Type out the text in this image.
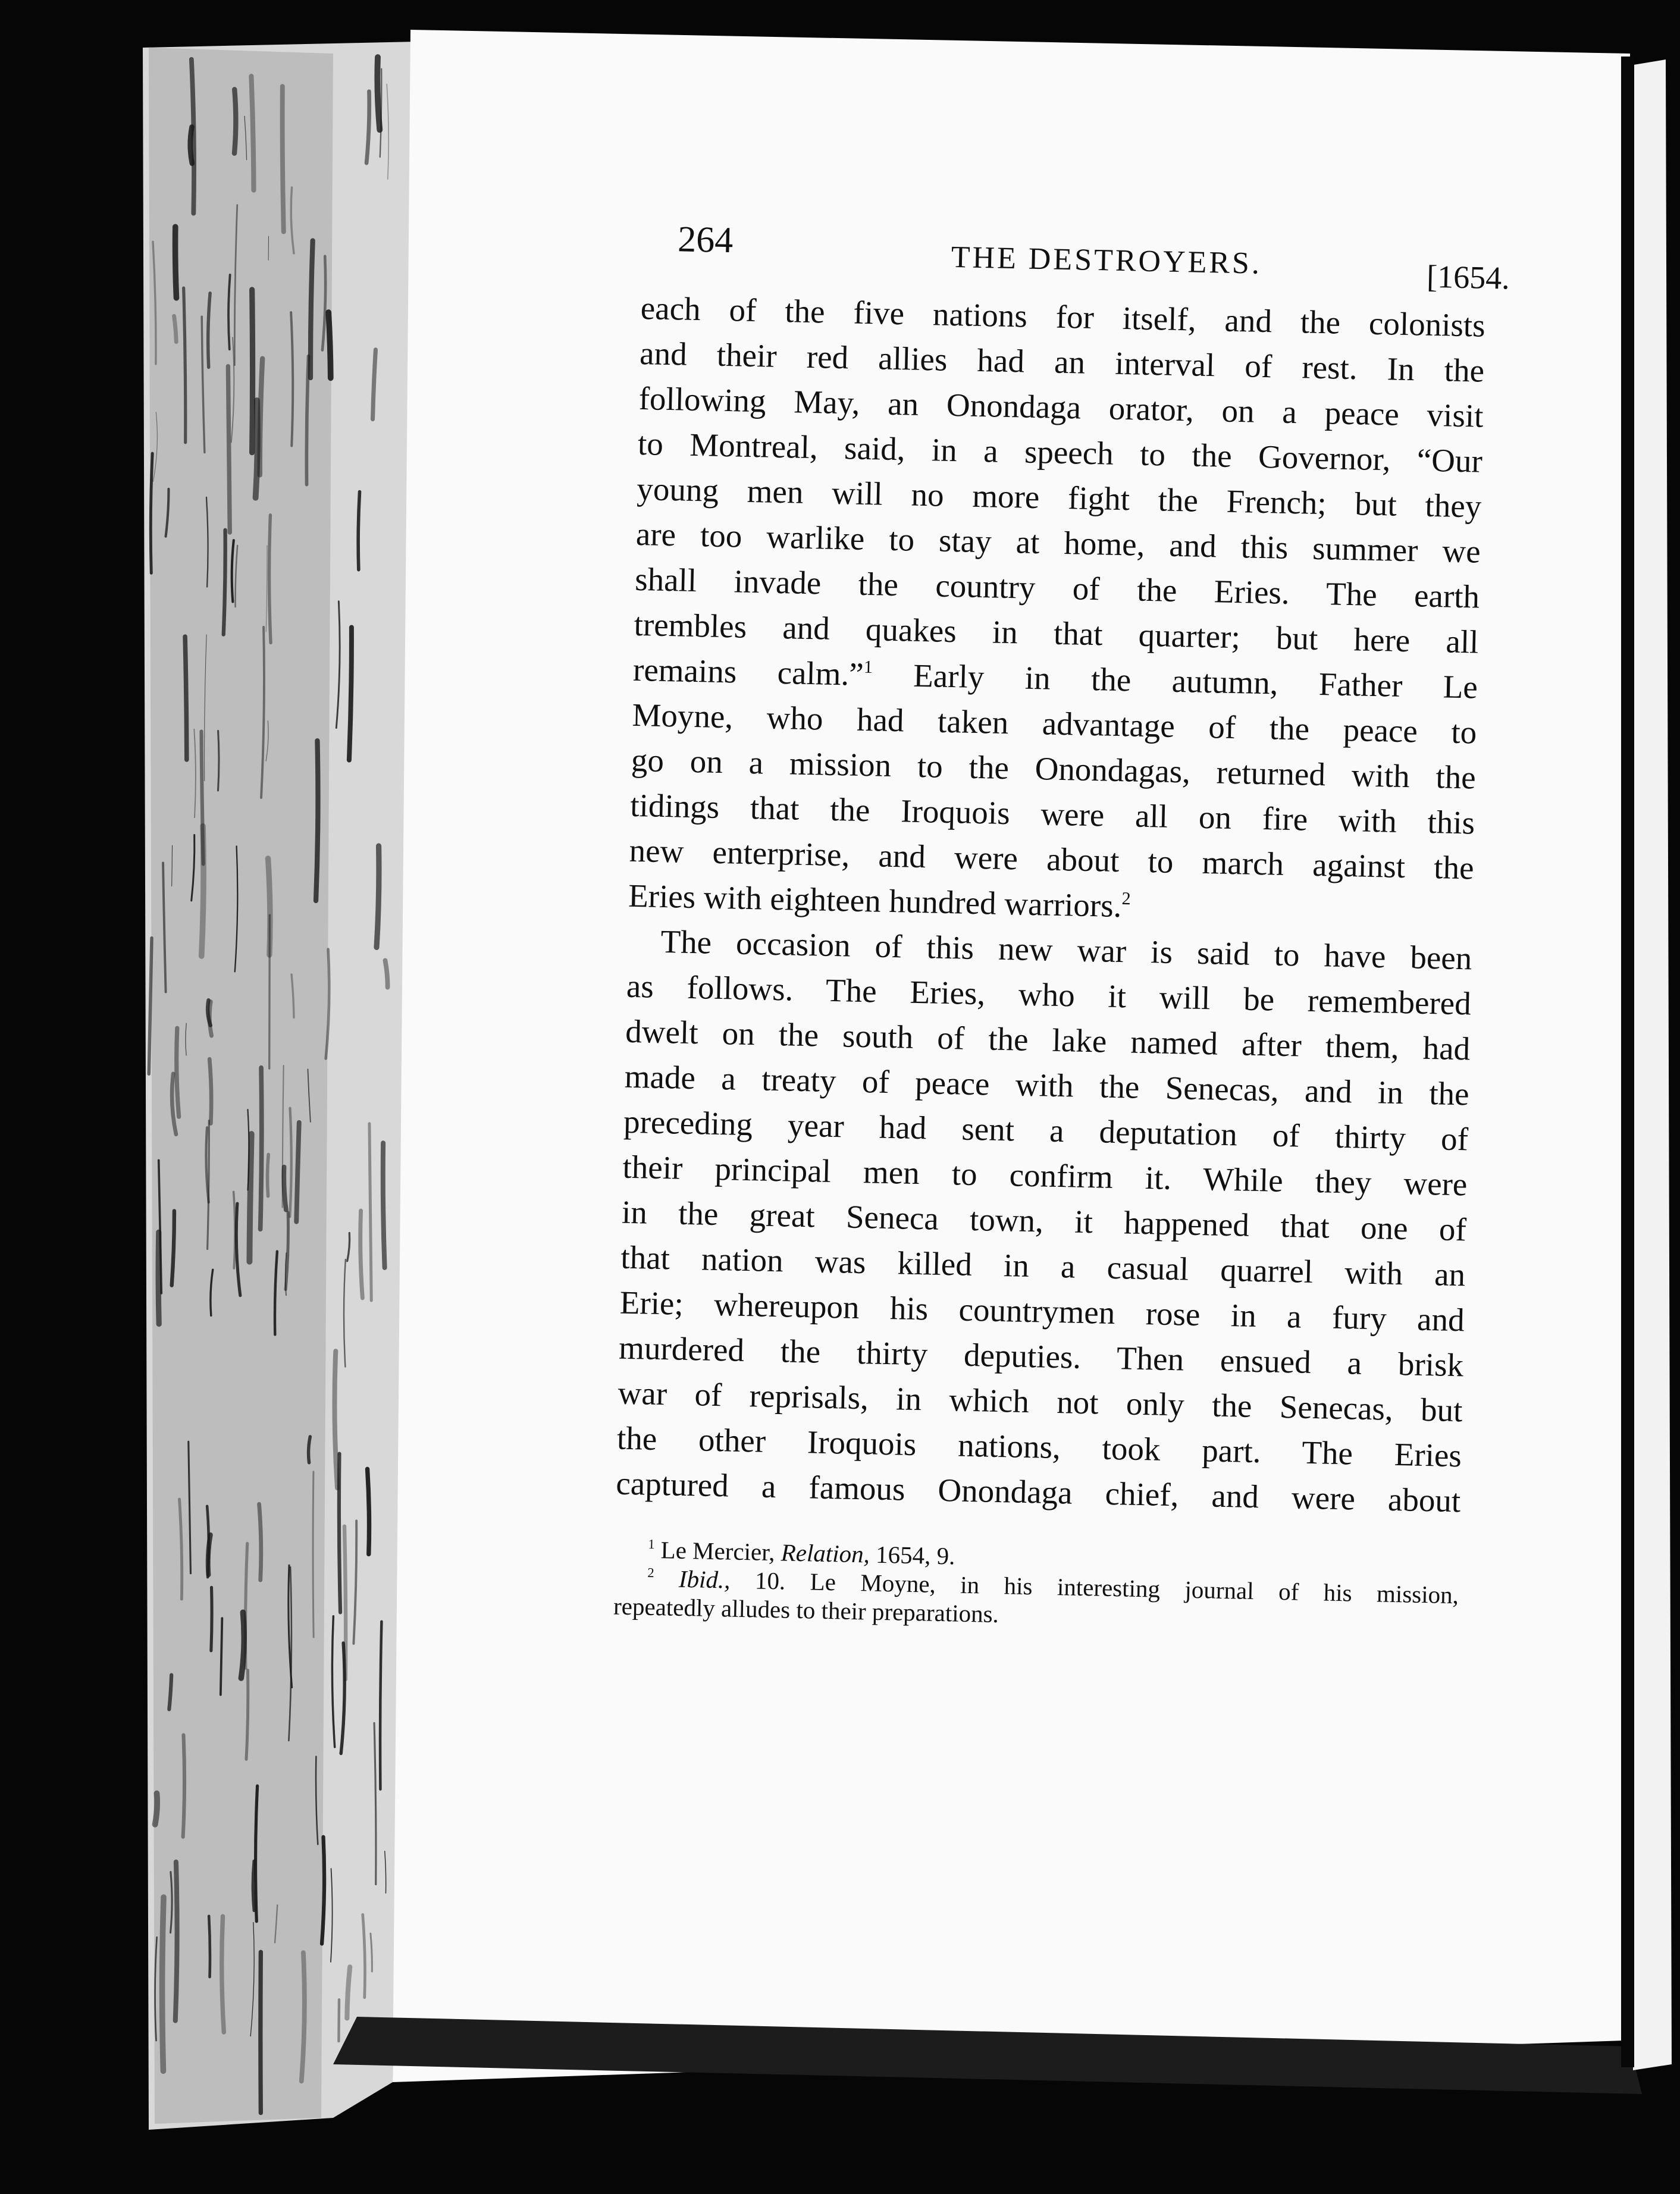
264	THE DESTROYERS.	[1654.
each of the five nations for itself, and the colonists
and their red allies had an interval of rest. In the
following May, an Onondaga orator, on a peace visit
to Montreal, said, in a speech to the Governor, “Our
young men will no more fight the French; but they
are too warlike to stay at home, and this summer we
shall invade the country of the Eries. The earth
trembles and quakes in that quarter; but here all
remains calm.”$^1$ Early in the autumn, Father Le
Moyne, who had taken advantage of the peace to
go on a mission to the Onondagas, returned with the
tidings that the Iroquois were all on fire with this
new enterprise, and were about to march against the
Eries with eighteen hundred warriors.$^2$
The occasion of this new war is said to have been
as follows. The Eries, who it will be remembered
dwelt on the south of the lake named after them, had
made a treaty of peace with the Senecas, and in the
preceding year had sent a deputation of thirty of
their principal men to confirm it. While they were
in the great Seneca town, it happened that one of
that nation was killed in a casual quarrel with an
Erie; whereupon his countrymen rose in a fury and
murdered the thirty deputies. Then ensued a brisk
war of reprisals, in which not only the Senecas, but
the other Iroquois nations, took part. The Eries
captured a famous Onondaga chief, and were about
$^1$ Le Mercier, Relation, 1654, 9.
$^2$ Ibid., 10. Le Moyne, in his interesting journal of his mission,
repeatedly alludes to their preparations.
